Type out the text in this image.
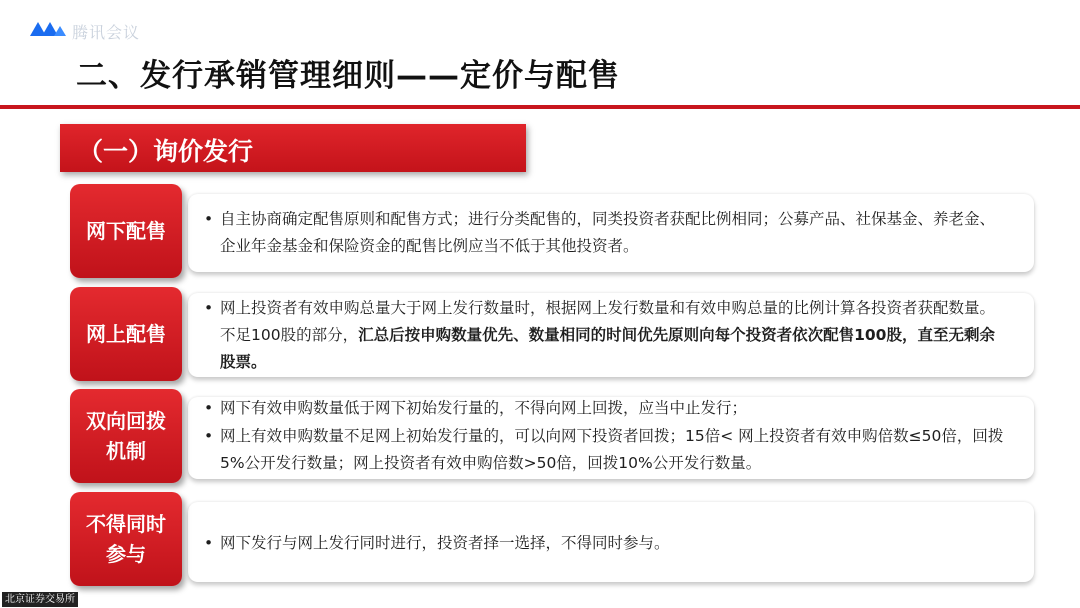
腾讯会议
二、发行承销管理细则——定价与配售
（一）询价发行
网下配售 • 自主协商确定配售原则和配售方式；进行分类配售的，同类投资者获配比例相同；公募产品、社保基金、养老金、企业年金基金和保险资金的配售比例应当不低于其他投资者。
网上配售
• 网上投资者有效申购总量大于网上发行数量时，根据网上发行数量和有效申购总量的比例计算各投资者获配数量。不足100股的部分，汇总后按申购数量优先、数量相同的时间优先原则向每个投资者依次配售100股，直至无剩余股票。
双向回拨
机制
• 网下有效申购数量低于网下初始发行量的，不得向网上回拨，应当中止发行；
• 网上有效申购数量不足网上初始发行量的，可以向网下投资者回拨；15倍< 网上投资者有效申购倍数≤50倍，回拨5%公开发行数量；网上投资者有效申购倍数>50倍，回拨10%公开发行数量。
不得同时
参与	• 网下发行与网上发行同时进行，投资者择一选择，不得同时参与。
北京证券交易所
